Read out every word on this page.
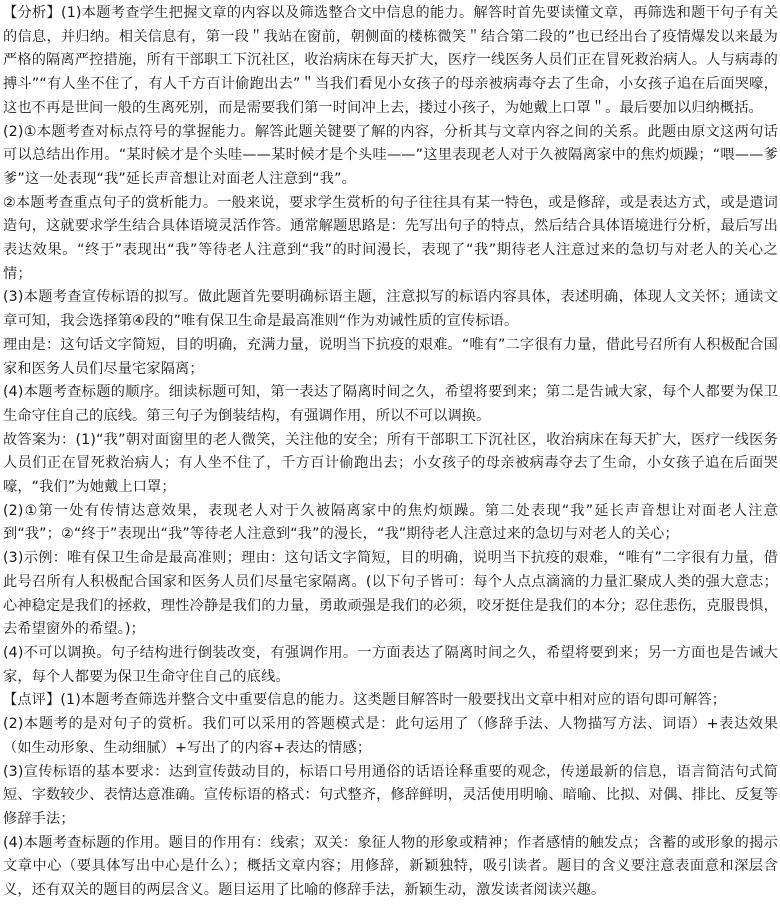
【分析】(1)本题考查学生把握文章的内容以及筛选整合文中信息的能力。解答时首先要读懂文章，再筛选和题干句子有关的信息，并归纳。相关信息有，第一段＂我站在窗前，朝侧面的楼栋微笑＂结合第二段的”也已经出台了疫情爆发以来最为严格的隔离严控措施，所有干部职工下沉社区，收治病床在每天扩大，医疗一线医务人员们正在冒死救治病人。人与病毒的搏斗”“有人坐不住了，有人千方百计偷跑出去”＂当我们看见小女孩子的母亲被病毒夺去了生命，小女孩子追在后面哭嚎，这也不再是世间一般的生离死别，而是需要我们第一时间冲上去，搂过小孩子，为她戴上口罩＂。最后要加以归纳概括。

(2)①本题考查对标点符号的掌握能力。解答此题关键要了解的内容，分析其与文章内容之间的关系。此题由原文这两句话可以总结出作用。“某时候才是个头哇——某时候才是个头哇——”这里表现老人对于久被隔离家中的焦灼烦躁；“喂——爹爹”这一处表现“我”延长声音想让对面老人注意到“我”。

②本题考查重点句子的赏析能力。一般来说，要求学生赏析的句子往往具有某一特色，或是修辞，或是表达方式，或是遣词造句，这就要求学生结合具体语境灵活作答。通常解题思路是：先写出句子的特点，然后结合具体语境进行分析，最后写出表达效果。“终于”表现出“我”等待老人注意到“我”的时间漫长，表现了“我”期待老人注意过来的急切与对老人的关心之情；

(3)本题考查宣传标语的拟写。做此题首先要明确标语主题，注意拟写的标语内容具体，表述明确，体现人文关怀；通读文章可知，我会选择第④段的”唯有保卫生命是最高准则“作为劝诫性质的宣传标语。

理由是：这句话文字简短，目的明确，充满力量，说明当下抗疫的艰难。“唯有”二字很有力量，借此号召所有人积极配合国家和医务人员们尽量宅家隔离；

(4)本题考查标题的顺序。细读标题可知，第一表达了隔离时间之久，希望将要到来；第二是告诫大家，每个人都要为保卫生命守住自己的底线。第三句子为倒装结构，有强调作用，所以不可以调换。

故答案为：(1)“我”朝对面窗里的老人微笑，关注他的安全；所有干部职工下沉社区，收治病床在每天扩大，医疗一线医务人员们正在冒死救治病人；有人坐不住了，千方百计偷跑出去；小女孩子的母亲被病毒夺去了生命，小女孩子追在后面哭嚎，“我们”为她戴上口罩；

(2)①第一处有传情达意效果，表现老人对于久被隔离家中的焦灼烦躁。第二处表现“我”延长声音想让对面老人注意到“我”；②“终于”表现出“我”等待老人注意到“我”的漫长，“我”期待老人注意过来的急切与对老人的关心；

(3)示例：唯有保卫生命是最高准则；理由：这句话文字简短，目的明确，说明当下抗疫的艰难，“唯有”二字很有力量，借此号召所有人积极配合国家和医务人员们尽量宅家隔离。(以下句子皆可：每个人点点滴滴的力量汇聚成人类的强大意志；心神稳定是我们的拯救，理性冷静是我们的力量，勇敢顽强是我们的必须，咬牙挺住是我们的本分；忍住悲伤，克服畏惧，去希望窗外的希望。)；

(4)不可以调换。句子结构进行倒装改变，有强调作用。一方面表达了隔离时间之久，希望将要到来；另一方面也是告诫大家，每个人都要为保卫生命守住自己的底线。

【点评】(1)本题考查筛选并整合文中重要信息的能力。这类题目解答时一般要找出文章中相对应的语句即可解答；

(2)本题考的是对句子的赏析。我们可以采用的答题模式是：此句运用了（修辞手法、人物描写方法、词语）+表达效果（如生动形象、生动细腻）+写出了的内容+表达的情感；

(3)宣传标语的基本要求：达到宣传鼓动目的，标语口号用通俗的话语诠释重要的观念，传递最新的信息，语言简洁句式简短、字数较少、表情达意准确。宣传标语的格式：句式整齐，修辞鲜明，灵活使用明喻、暗喻、比拟、对偶、排比、反复等修辞手法；

(4)本题考查标题的作用。题目的作用有：线索；双关：象征人物的形象或精神；作者感情的触发点；含蓄的或形象的揭示文章中心（要具体写出中心是什么）；概括文章内容；用修辞，新颖独特，吸引读者。题目的含义要注意表面意和深层含义，还有双关的题目的两层含义。题目运用了比喻的修辞手法，新颖生动，激发读者阅读兴趣。
